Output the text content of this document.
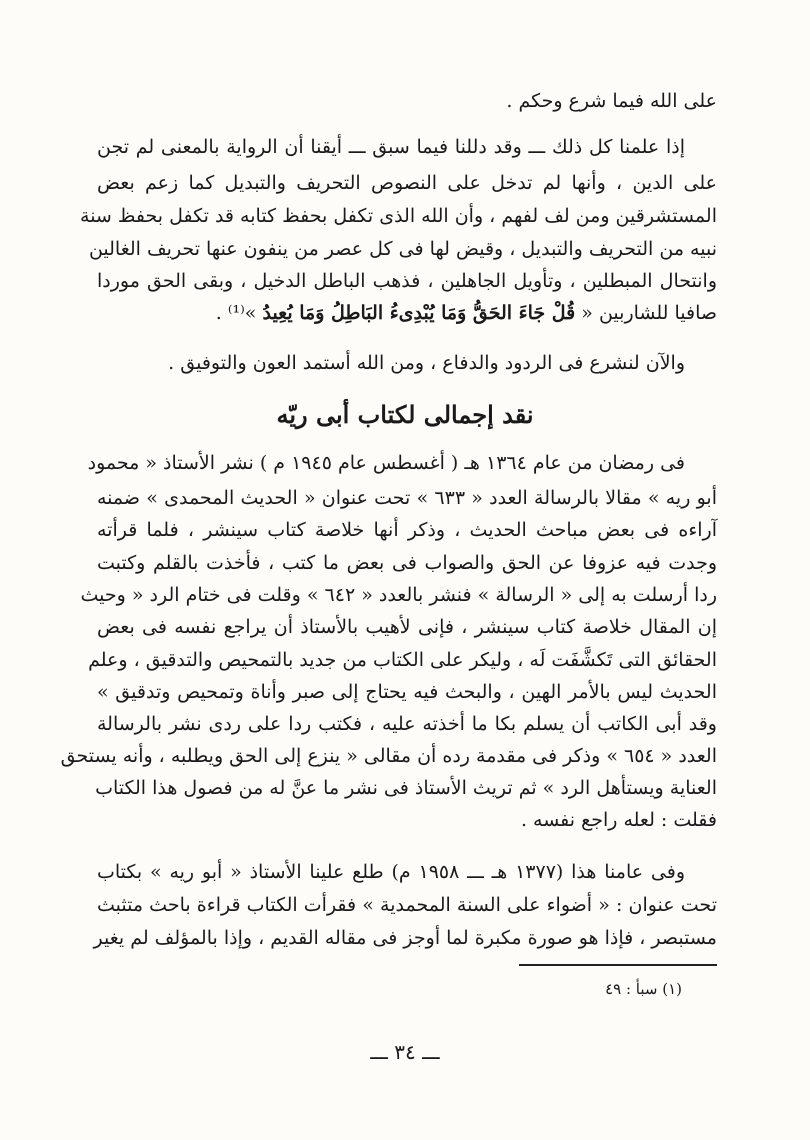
على الله فيما شرع وحكم .
إذا علمنا كل ذلك ـــ وقد دللنا فيما سبق ـــ أيقنا أن الرواية بالمعنى لم تجن
على الدين ، وأنها لم تدخل على النصوص التحريف والتبديل كما زعم بعض
المستشرقين ومن لف لفهم ، وأن الله الذى تكفل بحفظ كتابه قد تكفل بحفظ سنة
نبيه من التحريف والتبديل ، وقيض لها فى كل عصر من ينفون عنها تحريف الغالين
وانتحال المبطلين ، وتأويل الجاهلين ، فذهب الباطل الدخيل ، وبقى الحق موردا
صافيا للشاربين « قُلْ جَاءَ الحَقُّ وَمَا يُبْدِىءُ البَاطِلُ وَمَا يُعِيدُ »⁽¹⁾ .
والآن لنشرع فى الردود والدفاع ، ومن الله أستمد العون والتوفيق .
نقد إجمالى لكتاب أبى ريّه
فى رمضان من عام ١٣٦٤ هـ ( أغسطس عام ١٩٤٥ م ) نشر الأستاذ « محمود
أبو ريه » مقالا بالرسالة العدد « ٦٣٣ » تحت عنوان « الحديث المحمدى » ضمنه
آراءه فى بعض مباحث الحديث ، وذكر أنها خلاصة كتاب سينشر ، فلما قرأته
وجدت فيه عزوفا عن الحق والصواب فى بعض ما كتب ، فأخذت بالقلم وكتبت
ردا أرسلت به إلى « الرسالة » فنشر بالعدد « ٦٤٢ » وقلت فى ختام الرد « وحيث
إن المقال خلاصة كتاب سينشر ، فإنى لأهيب بالأستاذ أن يراجع نفسه فى بعض
الحقائق التى تَكشَّفَت لَه ، وليكر على الكتاب من جديد بالتمحيص والتدقيق ، وعلم
الحديث ليس بالأمر الهين ، والبحث فيه يحتاج إلى صبر وأناة وتمحيص وتدقيق »
وقد أبى الكاتب أن يسلم بكا ما أخذته عليه ، فكتب ردا على ردى نشر بالرسالة
العدد « ٦٥٤ » وذكر فى مقدمة رده أن مقالى « ينزع إلى الحق ويطلبه ، وأنه يستحق
العناية ويستأهل الرد » ثم تريث الأستاذ فى نشر ما عنَّ له من فصول هذا الكتاب
فقلت : لعله راجع نفسه .
وفى عامنا هذا (١٣٧٧ هـ ـــ ١٩٥٨ م) طلع علينا الأستاذ « أبو ريه » بكتاب
تحت عنوان : « أضواء على السنة المحمدية » فقرأت الكتاب قراءة باحث متثبث
مستبصر ، فإذا هو صورة مكبرة لما أوجز فى مقاله القديم ، وإذا بالمؤلف لم يغير
(١) سبأ : ٤٩
ـــ ٣٤ ـــ
